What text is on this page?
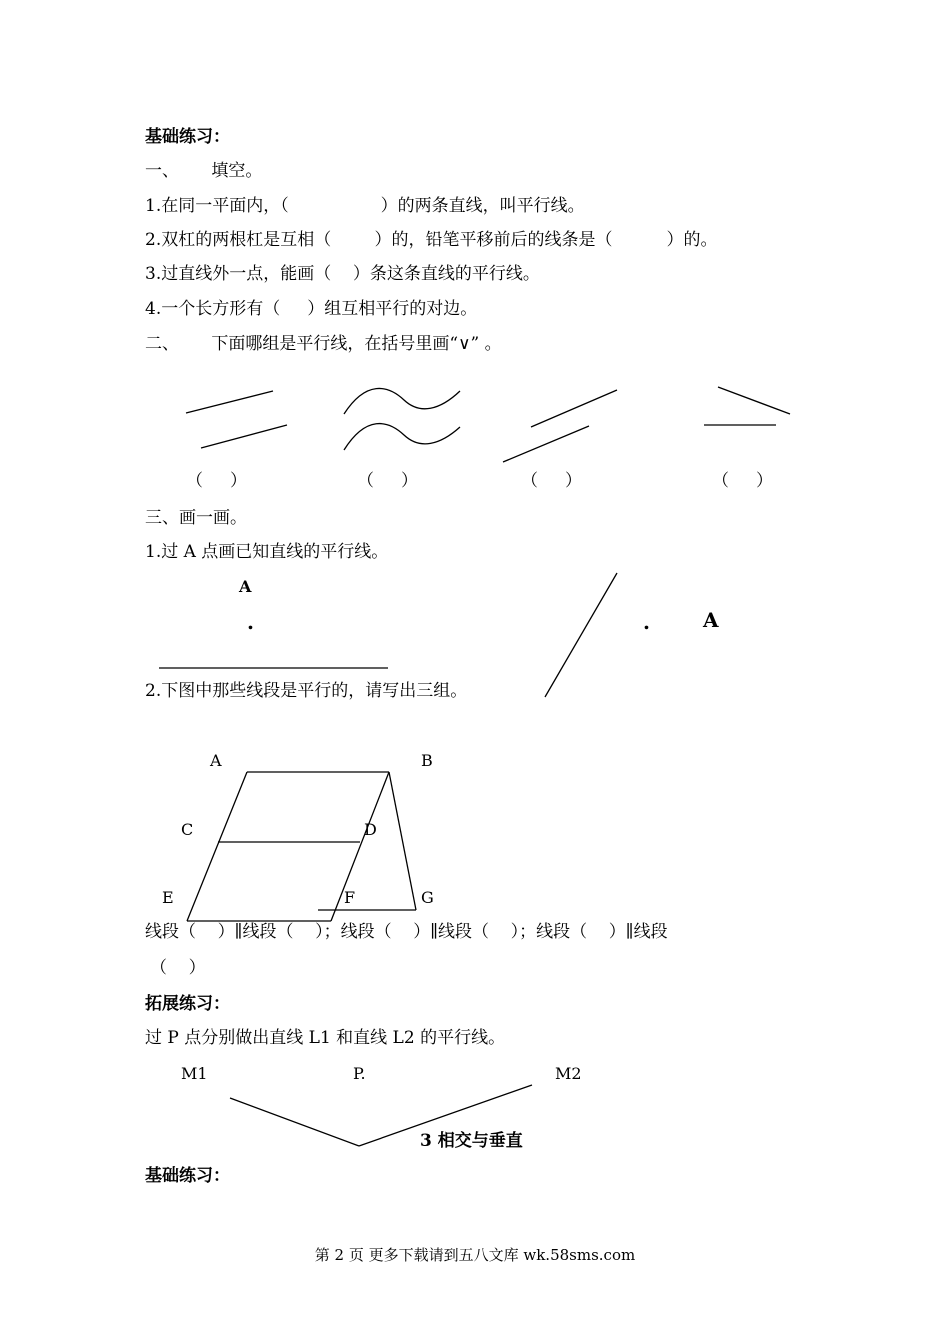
基础练习：
一、      填空。
1.在同一平面内，（                 ）的两条直线，叫平行线。
2.双杠的两根杠是互相（        ）的，铅笔平移前后的线条是（          ）的。
3.过直线外一点，能画（    ）条这条直线的平行线。
4.一个长方形有（     ）组互相平行的对边。
二、      下面哪组是平行线，在括号里画“∨” 。
（     ）	（     ）	（     ）	（     ）
三、画一画。
1.过 A 点画已知直线的平行线。
A
.	.	A
2.下图中那些线段是平行的，请写出三组。
A	B
C	D
E	F	G
线段（    ）∥线段（    ）；线段（    ）∥线段（    ）；线段（    ）∥线段
（    ）
拓展练习：
过 P 点分别做出直线 L1 和直线 L2 的平行线。
M1	P.	M2
3 相交与垂直
基础练习：
第 2 页 更多下载请到五八文库 wk.58sms.com
